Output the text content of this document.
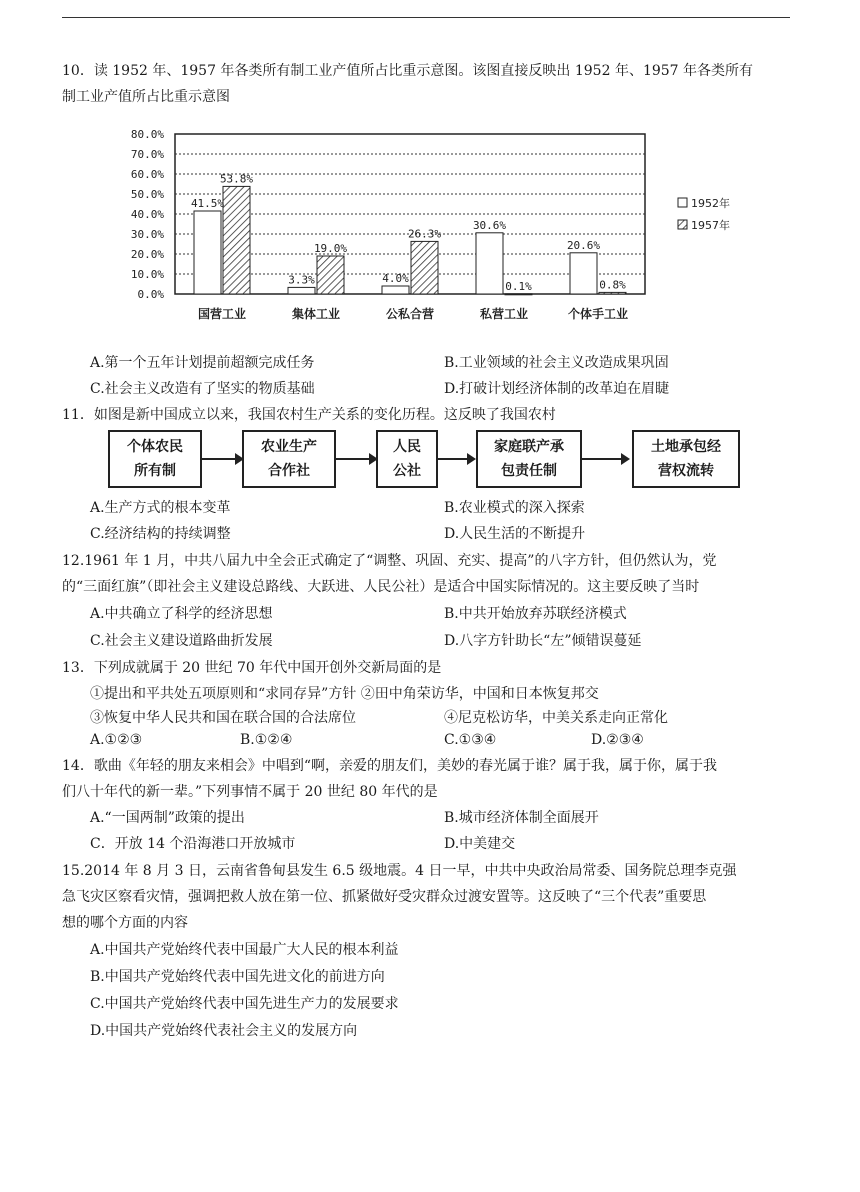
10．读 1952 年、1957 年各类所有制工业产值所占比重示意图。该图直接反映出 1952 年、1957 年各类所有
制工业产值所占比重示意图
80.0%
70.0%
60.0%
50.0%
40.0%
30.0%
20.0%
10.0%
0.0%
41.5%
53.8%
国营工业
3.3%
19.0%
集体工业
4.0%
26.3%
公私合营
30.6%
0.1%
私营工业
20.6%
0.8%
个体手工业
1952年
1957年
A.第一个五年计划提前超额完成任务	B.工业领域的社会主义改造成果巩固
C.社会主义改造有了坚实的物质基础	D.打破计划经济体制的改革迫在眉睫
11．如图是新中国成立以来，我国农村生产关系的变化历程。这反映了我国农村
个体农民
所有制
农业生产
合作社
人民
公社
家庭联产承
包责任制
土地承包经
营权流转
A.生产方式的根本变革	B.农业模式的深入探索
C.经济结构的持续调整	D.人民生活的不断提升
12.1961 年 1 月，中共八届九中全会正式确定了“调整、巩固、充实、提高”的八字方针，但仍然认为，党
的“三面红旗”（即社会主义建设总路线、大跃进、人民公社）是适合中国实际情况的。这主要反映了当时
A.中共确立了科学的经济思想	B.中共开始放弃苏联经济模式
C.社会主义建设道路曲折发展	D.八字方针助长“左”倾错误蔓延
13．下列成就属于 20 世纪 70 年代中国开创外交新局面的是
①提出和平共处五项原则和“求同存异”方针 ②田中角荣访华，中国和日本恢复邦交
③恢复中华人民共和国在联合国的合法席位	④尼克松访华，中美关系走向正常化
A.①②③	B.①②④	C.①③④	D.②③④
14．歌曲《年轻的朋友来相会》中唱到“啊，亲爱的朋友们，美妙的春光属于谁？属于我，属于你，属于我
们八十年代的新一辈。”下列事情不属于 20 世纪 80 年代的是
A.“一国两制”政策的提出	B.城市经济体制全面展开
C．开放 14 个沿海港口开放城市	D.中美建交
15.2014 年 8 月 3 日，云南省鲁甸县发生 6.5 级地震。4 日一早，中共中央政治局常委、国务院总理李克强
急飞灾区察看灾情，强调把救人放在第一位、抓紧做好受灾群众过渡安置等。这反映了“三个代表”重要思
想的哪个方面的内容
A.中国共产党始终代表中国最广大人民的根本利益
B.中国共产党始终代表中国先进文化的前进方向
C.中国共产党始终代表中国先进生产力的发展要求
D.中国共产党始终代表社会主义的发展方向
